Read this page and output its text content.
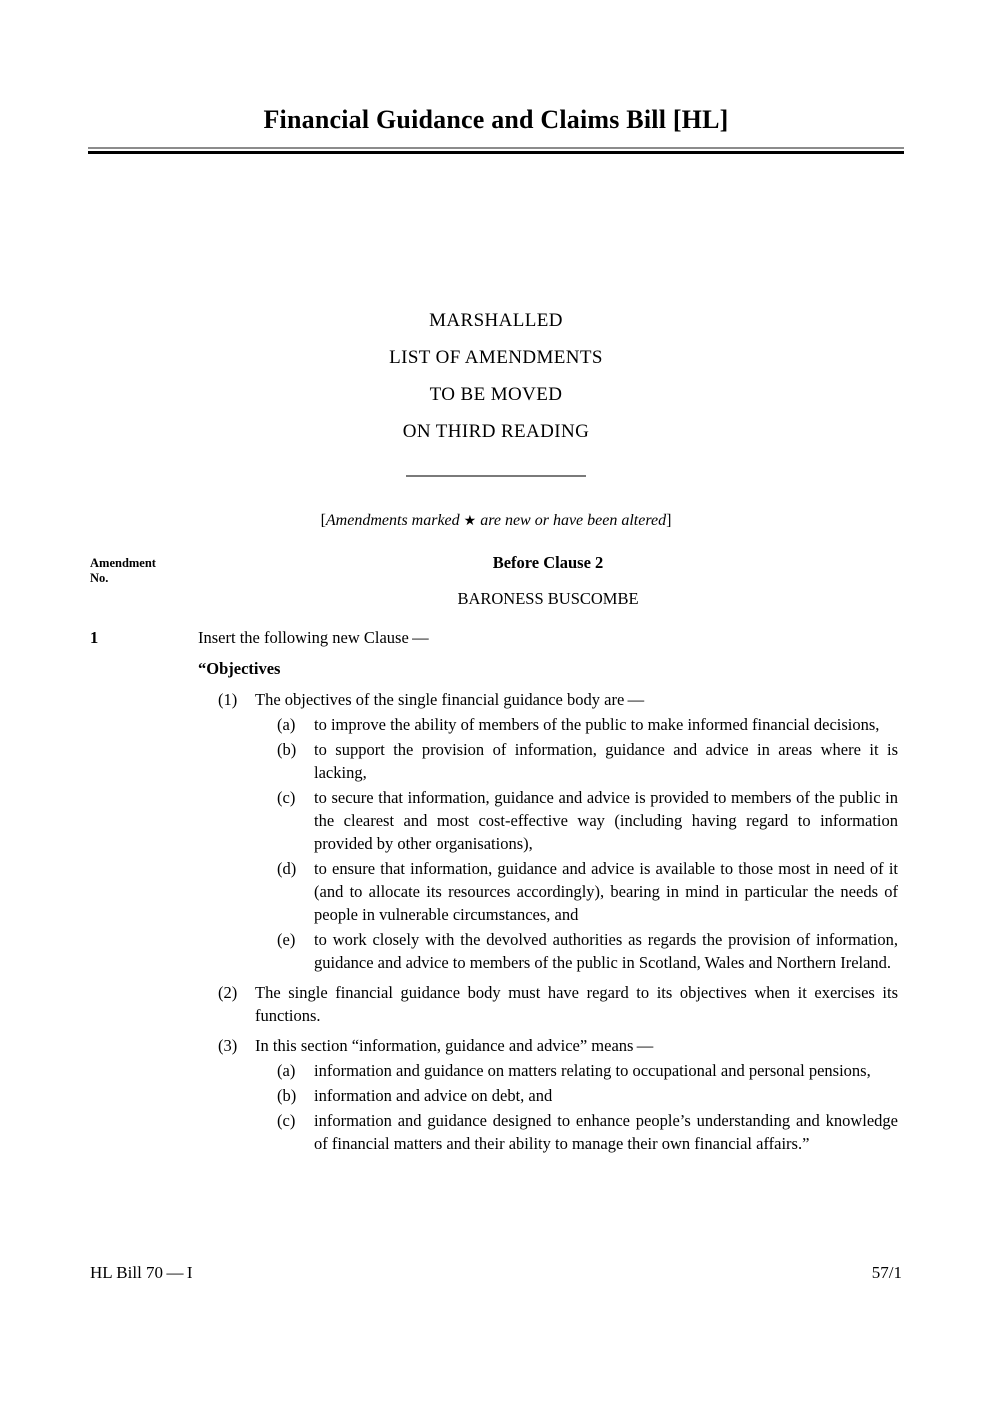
Financial Guidance and Claims Bill [HL]
MARSHALLED
LIST OF AMENDMENTS
TO BE MOVED
ON THIRD READING
[Amendments marked ★ are new or have been altered]
Amendment
No.
Before Clause 2
BARONESS BUSCOMBE
1	Insert the following new Clause —
“Objectives
(1)	The objectives of the single financial guidance body are —
(a)	to improve the ability of members of the public to make informed financial decisions,
(b)	to support the provision of information, guidance and advice in areas where it is lacking,
(c)	to secure that information, guidance and advice is provided to members of the public in the clearest and most cost-effective way (including having regard to information provided by other organisations),
(d)	to ensure that information, guidance and advice is available to those most in need of it (and to allocate its resources accordingly), bearing in mind in particular the needs of people in vulnerable circumstances, and
(e)	to work closely with the devolved authorities as regards the provision of information, guidance and advice to members of the public in Scotland, Wales and Northern Ireland.
(2)	The single financial guidance body must have regard to its objectives when it exercises its functions.
(3)	In this section “information, guidance and advice” means —
(a)	information and guidance on matters relating to occupational and personal pensions,
(b)	information and advice on debt, and
(c)	information and guidance designed to enhance people’s understanding and knowledge of financial matters and their ability to manage their own financial affairs.”
HL Bill 70 — I	57/1
